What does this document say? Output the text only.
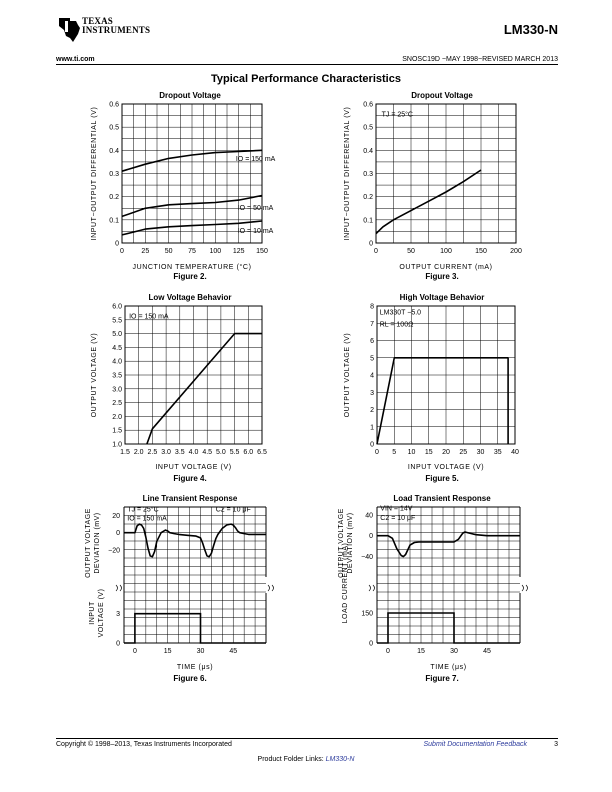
TEXAS
INSTRUMENTS	LM330-N
www.ti.com	SNOSC19D −MAY 1998−REVISED MARCH 2013
Typical Performance Characteristics
Dropout Voltage	Dropout Voltage
Low Voltage Behavior	High Voltage Behavior
Line Transient Response	Load Transient Response
0 25 50 75 100 125 150
0
0.1
0.2
0.3
0.4
0.5
0.6
JUNCTION TEMPERATURE (°C)
INPUT−OUTPUT DIFFERENTIAL (V)	IO = 150 mA
IO = 50 mA
IO = 10 mA
0	50	100	150	200
0
0.1
0.2
0.3
0.4
0.5
0.6
OUTPUT CURRENT (mA)
INPUT−OUTPUT DIFFERENTIAL (V)	TJ = 25°C
1.5 2.0 2.5 3.0 3.5 4.0 4.5 5.0 5.5 6.0 6.5
1.0
1.5
2.0
2.5
3.0
3.5
4.0
4.5
5.0
5.5
6.0
INPUT VOLTAGE (V)
OUTPUT VOLTAGE (V)
IO = 150 mA
0 5 10 15 20 25 30 35 40
0
1
2
3
4
5
6
7
8
INPUT VOLTAGE (V)
OUTPUT VOLTAGE (V)
LM330T −5.0
RL = 100Ω
0	15	30	45
20
0
−20
3
0
TIME (μs)
OUTPUT VOLTAGE DEVIATION (mV)
INPUT VOLTAGE (V)
TJ = 25°C
IO = 150 mA
C2 = 10 μF
0	15	30	45
40
0
−40
150
0
TIME (μs)
OUTPUT VOLTAGE DEVIATION (mV)
LOAD CURRENT (mA)
VIN = 14V
C2 = 10 μF
Figure 2.	Figure 3.
Figure 4.	Figure 5.
Figure 6.	Figure 7.
Copyright © 1998–2013, Texas Instruments Incorporated	Submit Documentation Feedback	3
Product Folder Links: LM330-N
